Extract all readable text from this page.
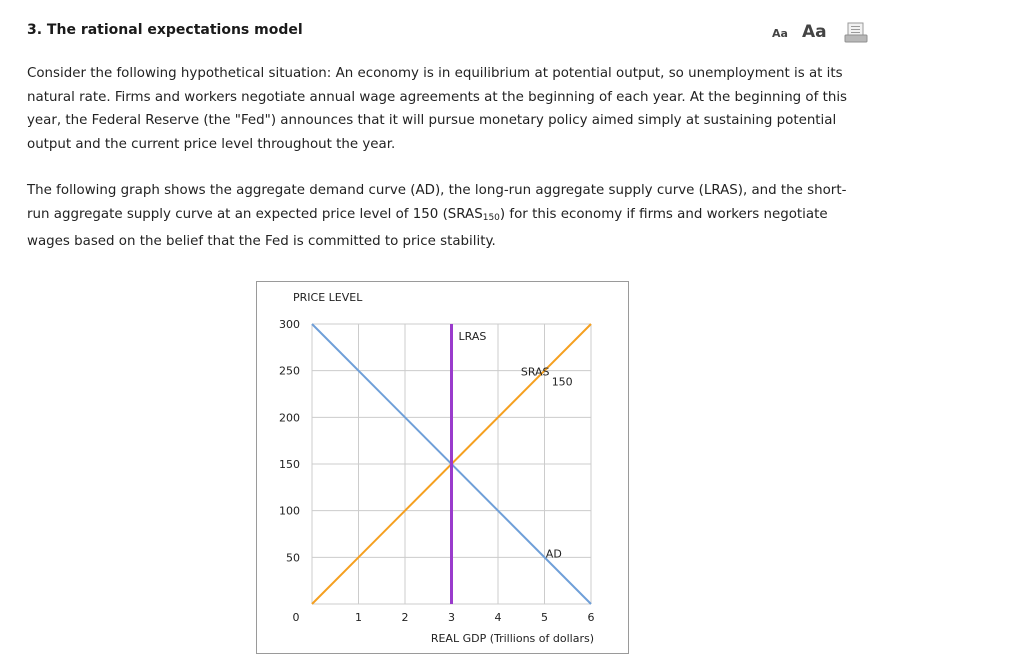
3. The rational expectations model	Aa Aa
Consider the following hypothetical situation: An economy is in equilibrium at potential output, so unemployment is at its natural rate. Firms and workers negotiate annual wage agreements at the beginning of each year. At the beginning of this year, the Federal Reserve (the "Fed") announces that it will pursue monetary policy aimed simply at sustaining potential output and the current price level throughout the year.
The following graph shows the aggregate demand curve (AD), the long-run aggregate supply curve (LRAS), and the short-run aggregate supply curve at an expected price level of 150 $(SRAS_{150})$ for this economy if firms and workers negotiate wages based on the belief that the Fed is committed to price stability.
50
100
150
200
250
300
0	1	2	3	4	5	6
PRICE LEVEL
REAL GDP (Trillions of dollars)
LRAS
SRAS
150
AD
